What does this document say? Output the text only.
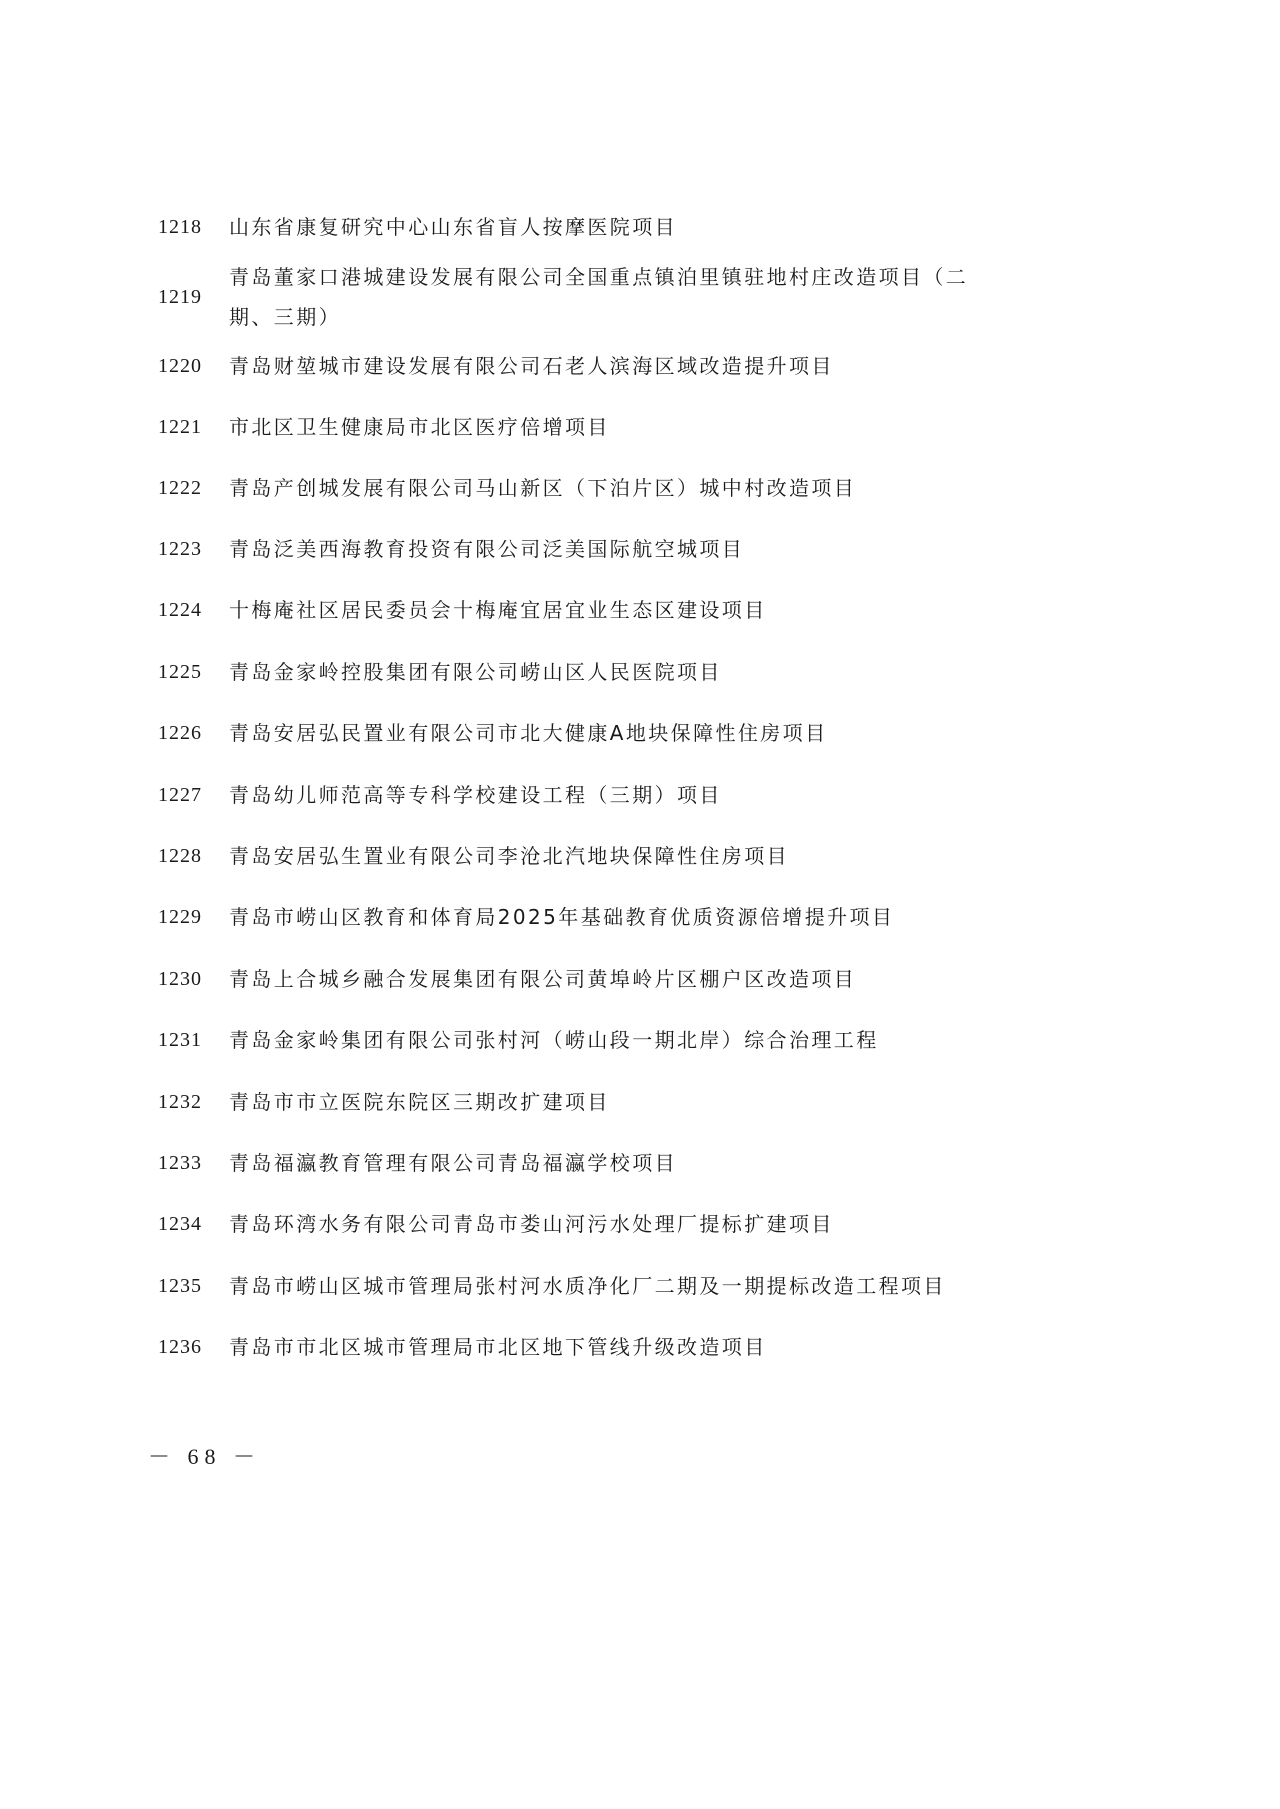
1218 山东省康复研究中心山东省盲人按摩医院项目
1219
青岛董家口港城建设发展有限公司全国重点镇泊里镇驻地村庄改造项目（二期、三期）
1220 青岛财堃城市建设发展有限公司石老人滨海区域改造提升项目
1221 市北区卫生健康局市北区医疗倍增项目
1222 青岛产创城发展有限公司马山新区（下泊片区）城中村改造项目
1223 青岛泛美西海教育投资有限公司泛美国际航空城项目
1224 十梅庵社区居民委员会十梅庵宜居宜业生态区建设项目
1225 青岛金家岭控股集团有限公司崂山区人民医院项目
1226 青岛安居弘民置业有限公司市北大健康A地块保障性住房项目
1227 青岛幼儿师范高等专科学校建设工程（三期）项目
1228 青岛安居弘生置业有限公司李沧北汽地块保障性住房项目
1229 青岛市崂山区教育和体育局2025年基础教育优质资源倍增提升项目
1230 青岛上合城乡融合发展集团有限公司黄埠岭片区棚户区改造项目
1231 青岛金家岭集团有限公司张村河（崂山段一期北岸）综合治理工程
1232 青岛市市立医院东院区三期改扩建项目
1233 青岛福瀛教育管理有限公司青岛福瀛学校项目
1234 青岛环湾水务有限公司青岛市娄山河污水处理厂提标扩建项目
1235 青岛市崂山区城市管理局张村河水质净化厂二期及一期提标改造工程项目
1236 青岛市市北区城市管理局市北区地下管线升级改造项目
－ 68 －
